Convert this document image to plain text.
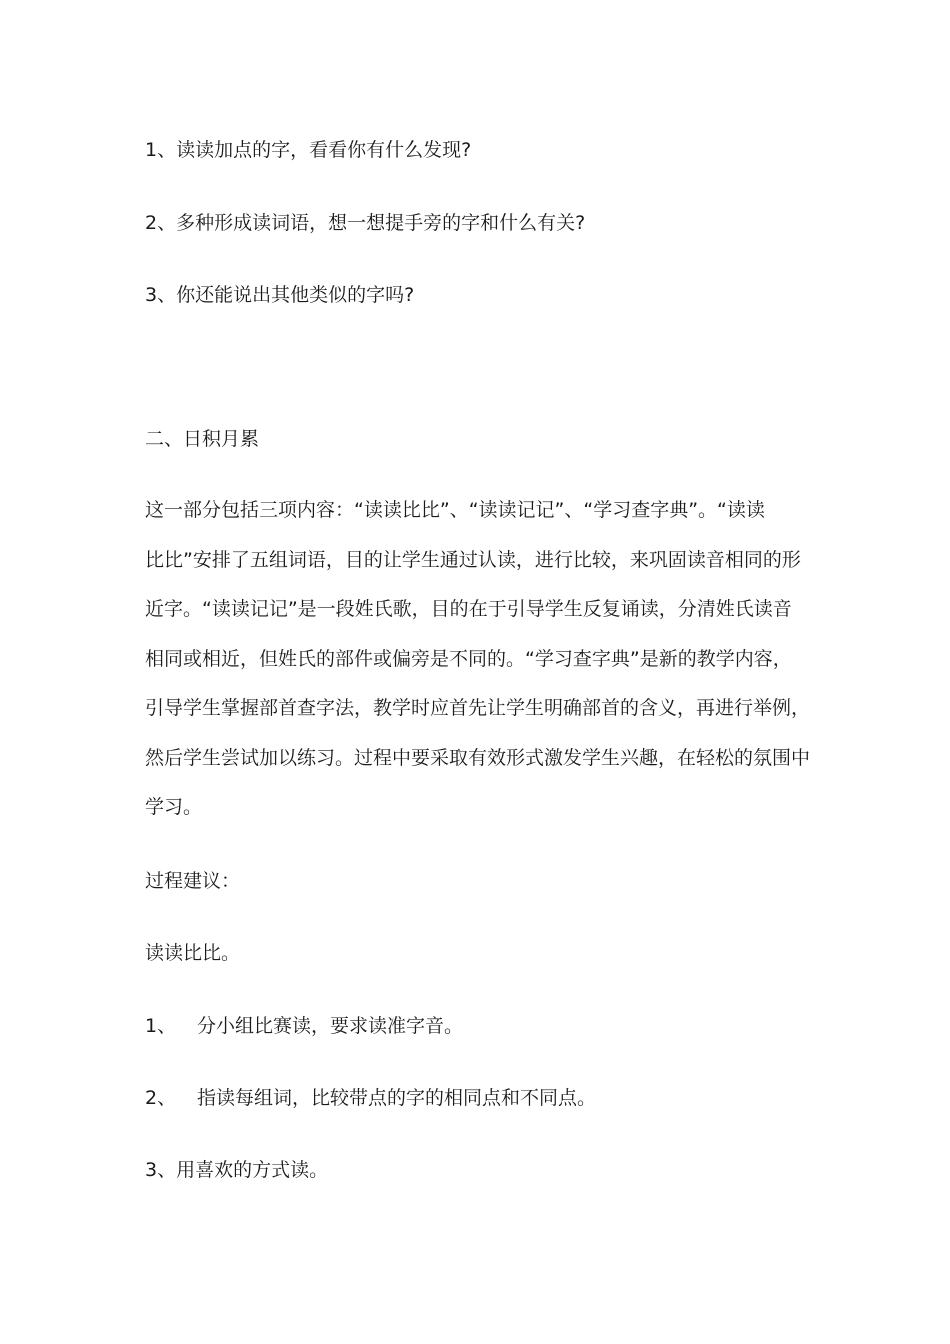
1、读读加点的字，看看你有什么发现?
2、多种形成读词语，想一想提手旁的字和什么有关?
3、你还能说出其他类似的字吗?
二、日积月累
这一部分包括三项内容：“读读比比”、“读读记记”、“学习查字典”。“读读
比比”安排了五组词语，目的让学生通过认读，进行比较，来巩固读音相同的形
近字。“读读记记”是一段姓氏歌，目的在于引导学生反复诵读，分清姓氏读音
相同或相近，但姓氏的部件或偏旁是不同的。“学习查字典”是新的教学内容，
引导学生掌握部首查字法，教学时应首先让学生明确部首的含义，再进行举例，
然后学生尝试加以练习。过程中要采取有效形式激发学生兴趣，在轻松的氛围中
学习。
过程建议：
读读比比。
1、 分小组比赛读，要求读准字音。
2、 指读每组词，比较带点的字的相同点和不同点。
3、用喜欢的方式读。
